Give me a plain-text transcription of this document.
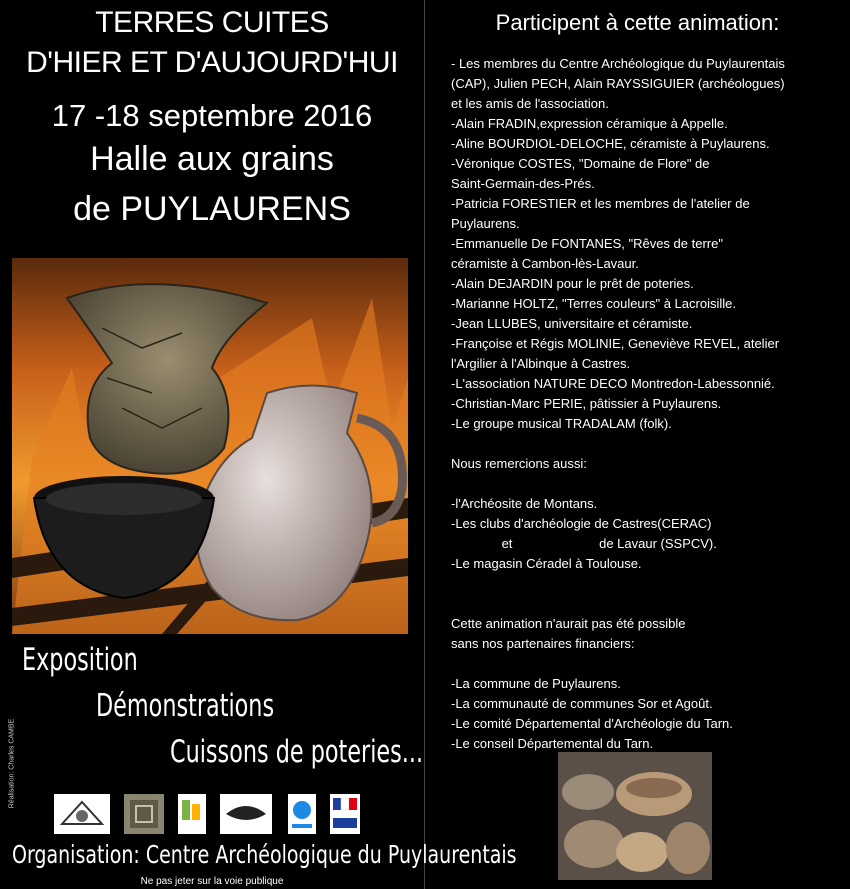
TERRES CUITES
D'HIER ET D'AUJOURD'HUI
17 -18 septembre 2016
Halle aux grains
de PUYLAURENS
Exposition
Démonstrations
Cuissons de poteries...
Réalisation: Charles CAMBE
Organisation: Centre Archéologique du Puylaurentais
Ne pas jeter sur la voie publique
Participent à cette animation:
- Les membres du Centre Archéologique du Puylaurentais
(CAP), Julien PECH, Alain RAYSSIGUIER (archéologues)
et les amis de l'association.
-Alain FRADIN,expression céramique à Appelle.
-Aline BOURDIOL-DELOCHE, céramiste à Puylaurens.
-Véronique COSTES, "Domaine de Flore" de
Saint-Germain-des-Prés.
-Patricia FORESTIER et les membres de l'atelier de
Puylaurens.
-Emmanuelle De FONTANES, "Rêves de terre"
céramiste à Cambon-lès-Lavaur.
-Alain DEJARDIN pour le prêt de poteries.
-Marianne HOLTZ, "Terres couleurs" à Lacroisille.
-Jean LLUBES, universitaire et céramiste.
-Françoise et Régis MOLINIE, Geneviève REVEL, atelier
l'Argilier à l'Albinque à Castres.
-L'association NATURE DECO Montredon-Labessonnié.
-Christian-Marc PERIE, pâtissier à Puylaurens.
-Le groupe musical TRADALAM (folk).
Nous remercions aussi:
-l'Archéosite de Montans.
-Les clubs d'archéologie de Castres(CERAC)
et                        de Lavaur (SSPCV).
-Le magasin Céradel à Toulouse.
Cette animation n'aurait pas été possible
sans nos partenaires financiers:
-La commune de Puylaurens.
-La communauté de communes Sor et Agoût.
-Le comité Départemental d'Archéologie du Tarn.
-Le conseil Départemental du Tarn.
